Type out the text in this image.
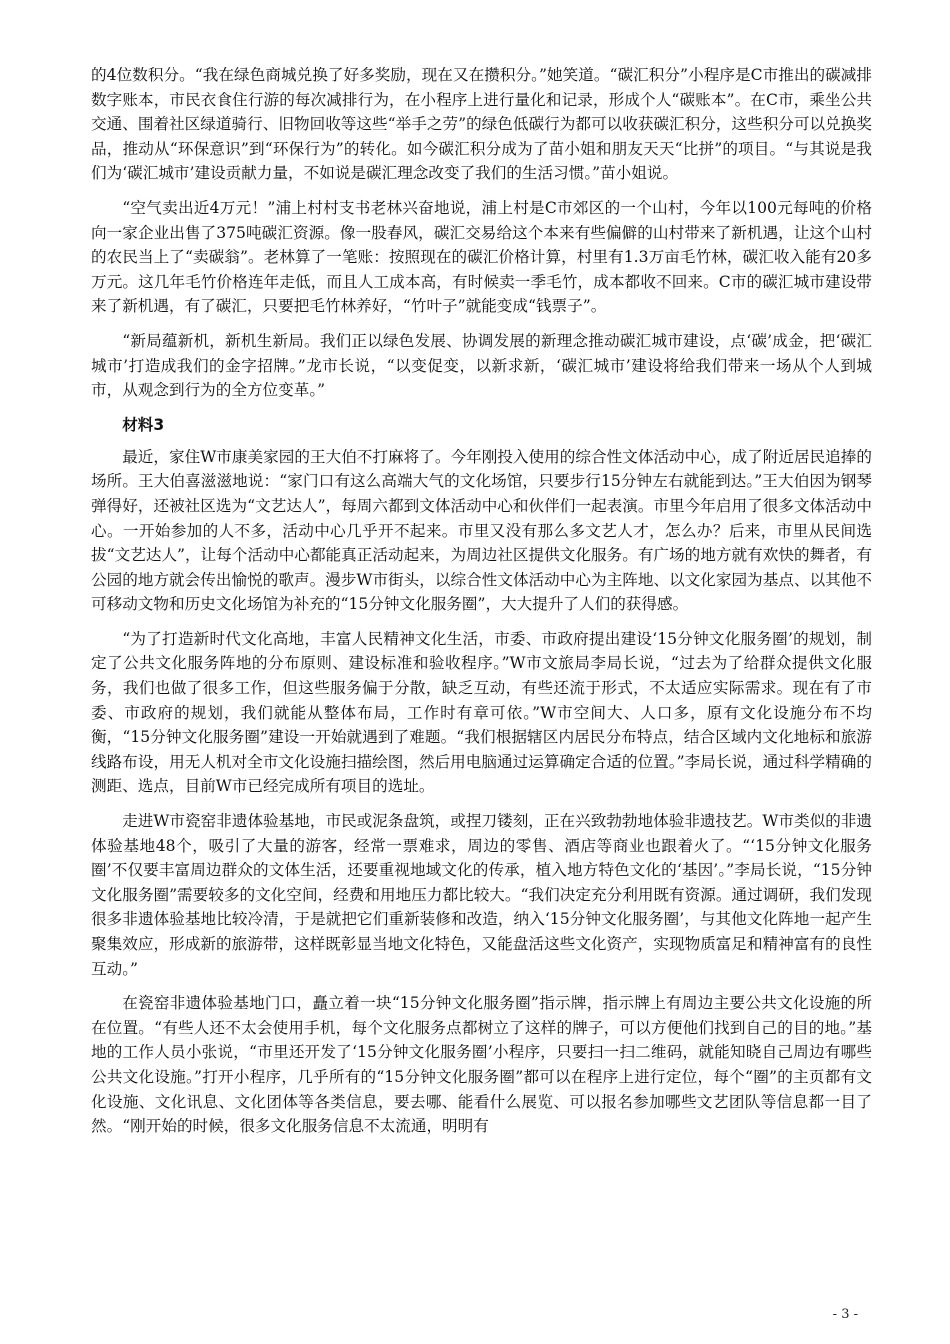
的4位数积分。“我在绿色商城兑换了好多奖励，现在又在攒积分。”她笑道。“碳汇积分”小程序是C市推出的碳减排数字账本，市民衣食住行游的每次减排行为，在小程序上进行量化和记录，形成个人“碳账本”。在C市，乘坐公共交通、围着社区绿道骑行、旧物回收等这些“举手之劳”的绿色低碳行为都可以收获碳汇积分，这些积分可以兑换奖品，推动从“环保意识”到“环保行为”的转化。如今碳汇积分成为了苗小姐和朋友天天“比拼”的项目。“与其说是我们为‘碳汇城市’建设贡献力量，不如说是碳汇理念改变了我们的生活习惯。”苗小姐说。

“空气卖出近4万元！”浦上村村支书老林兴奋地说，浦上村是C市郊区的一个山村，今年以100元每吨的价格向一家企业出售了375吨碳汇资源。像一股春风，碳汇交易给这个本来有些偏僻的山村带来了新机遇，让这个山村的农民当上了“卖碳翁”。老林算了一笔账：按照现在的碳汇价格计算，村里有1.3万亩毛竹林，碳汇收入能有20多万元。这几年毛竹价格连年走低，而且人工成本高，有时候卖一季毛竹，成本都收不回来。C市的碳汇城市建设带来了新机遇，有了碳汇，只要把毛竹林养好，“竹叶子”就能变成“钱票子”。

“新局蕴新机，新机生新局。我们正以绿色发展、协调发展的新理念推动碳汇城市建设，点‘碳’成金，把‘碳汇城市’打造成我们的金字招牌。”龙市长说，“以变促变，以新求新，‘碳汇城市’建设将给我们带来一场从个人到城市，从观念到行为的全方位变革。”

材料3

最近，家住W市康美家园的王大伯不打麻将了。今年刚投入使用的综合性文体活动中心，成了附近居民追捧的场所。王大伯喜滋滋地说：“家门口有这么高端大气的文化场馆，只要步行15分钟左右就能到达。”王大伯因为钢琴弹得好，还被社区选为“文艺达人”，每周六都到文体活动中心和伙伴们一起表演。市里今年启用了很多文体活动中心。一开始参加的人不多，活动中心几乎开不起来。市里又没有那么多文艺人才，怎么办？后来，市里从民间选拔“文艺达人”，让每个活动中心都能真正活动起来，为周边社区提供文化服务。有广场的地方就有欢快的舞者，有公园的地方就会传出愉悦的歌声。漫步W市街头，以综合性文体活动中心为主阵地、以文化家园为基点、以其他不可移动文物和历史文化场馆为补充的“15分钟文化服务圈”，大大提升了人们的获得感。

“为了打造新时代文化高地，丰富人民精神文化生活，市委、市政府提出建设‘15分钟文化服务圈’的规划，制定了公共文化服务阵地的分布原则、建设标准和验收程序。”W市文旅局李局长说，“过去为了给群众提供文化服务，我们也做了很多工作，但这些服务偏于分散，缺乏互动，有些还流于形式，不太适应实际需求。现在有了市委、市政府的规划，我们就能从整体布局，工作时有章可依。”W市空间大、人口多，原有文化设施分布不均衡，“15分钟文化服务圈”建设一开始就遇到了难题。“我们根据辖区内居民分布特点，结合区域内文化地标和旅游线路布设，用无人机对全市文化设施扫描绘图，然后用电脑通过运算确定合适的位置。”李局长说，通过科学精确的测距、选点，目前W市已经完成所有项目的选址。

走进W市瓷窑非遗体验基地，市民或泥条盘筑，或捏刀镂刻，正在兴致勃勃地体验非遗技艺。W市类似的非遗体验基地48个，吸引了大量的游客，经常一票难求，周边的零售、酒店等商业也跟着火了。“‘15分钟文化服务圈’不仅要丰富周边群众的文体生活，还要重视地域文化的传承，植入地方特色文化的‘基因’。”李局长说，“15分钟文化服务圈”需要较多的文化空间，经费和用地压力都比较大。“我们决定充分利用既有资源。通过调研，我们发现很多非遗体验基地比较冷清，于是就把它们重新装修和改造，纳入‘15分钟文化服务圈’，与其他文化阵地一起产生聚集效应，形成新的旅游带，这样既彰显当地文化特色，又能盘活这些文化资产，实现物质富足和精神富有的良性互动。”

在瓷窑非遗体验基地门口，矗立着一块“15分钟文化服务圈”指示牌，指示牌上有周边主要公共文化设施的所在位置。“有些人还不太会使用手机，每个文化服务点都树立了这样的牌子，可以方便他们找到自己的目的地。”基地的工作人员小张说，“市里还开发了‘15分钟文化服务圈’小程序，只要扫一扫二维码，就能知晓自己周边有哪些公共文化设施。”打开小程序，几乎所有的“15分钟文化服务圈”都可以在程序上进行定位，每个“圈”的主页都有文化设施、文化讯息、文化团体等各类信息，要去哪、能看什么展览、可以报名参加哪些文艺团队等信息都一目了然。“刚开始的时候，很多文化服务信息不太流通，明明有

- 3 -
